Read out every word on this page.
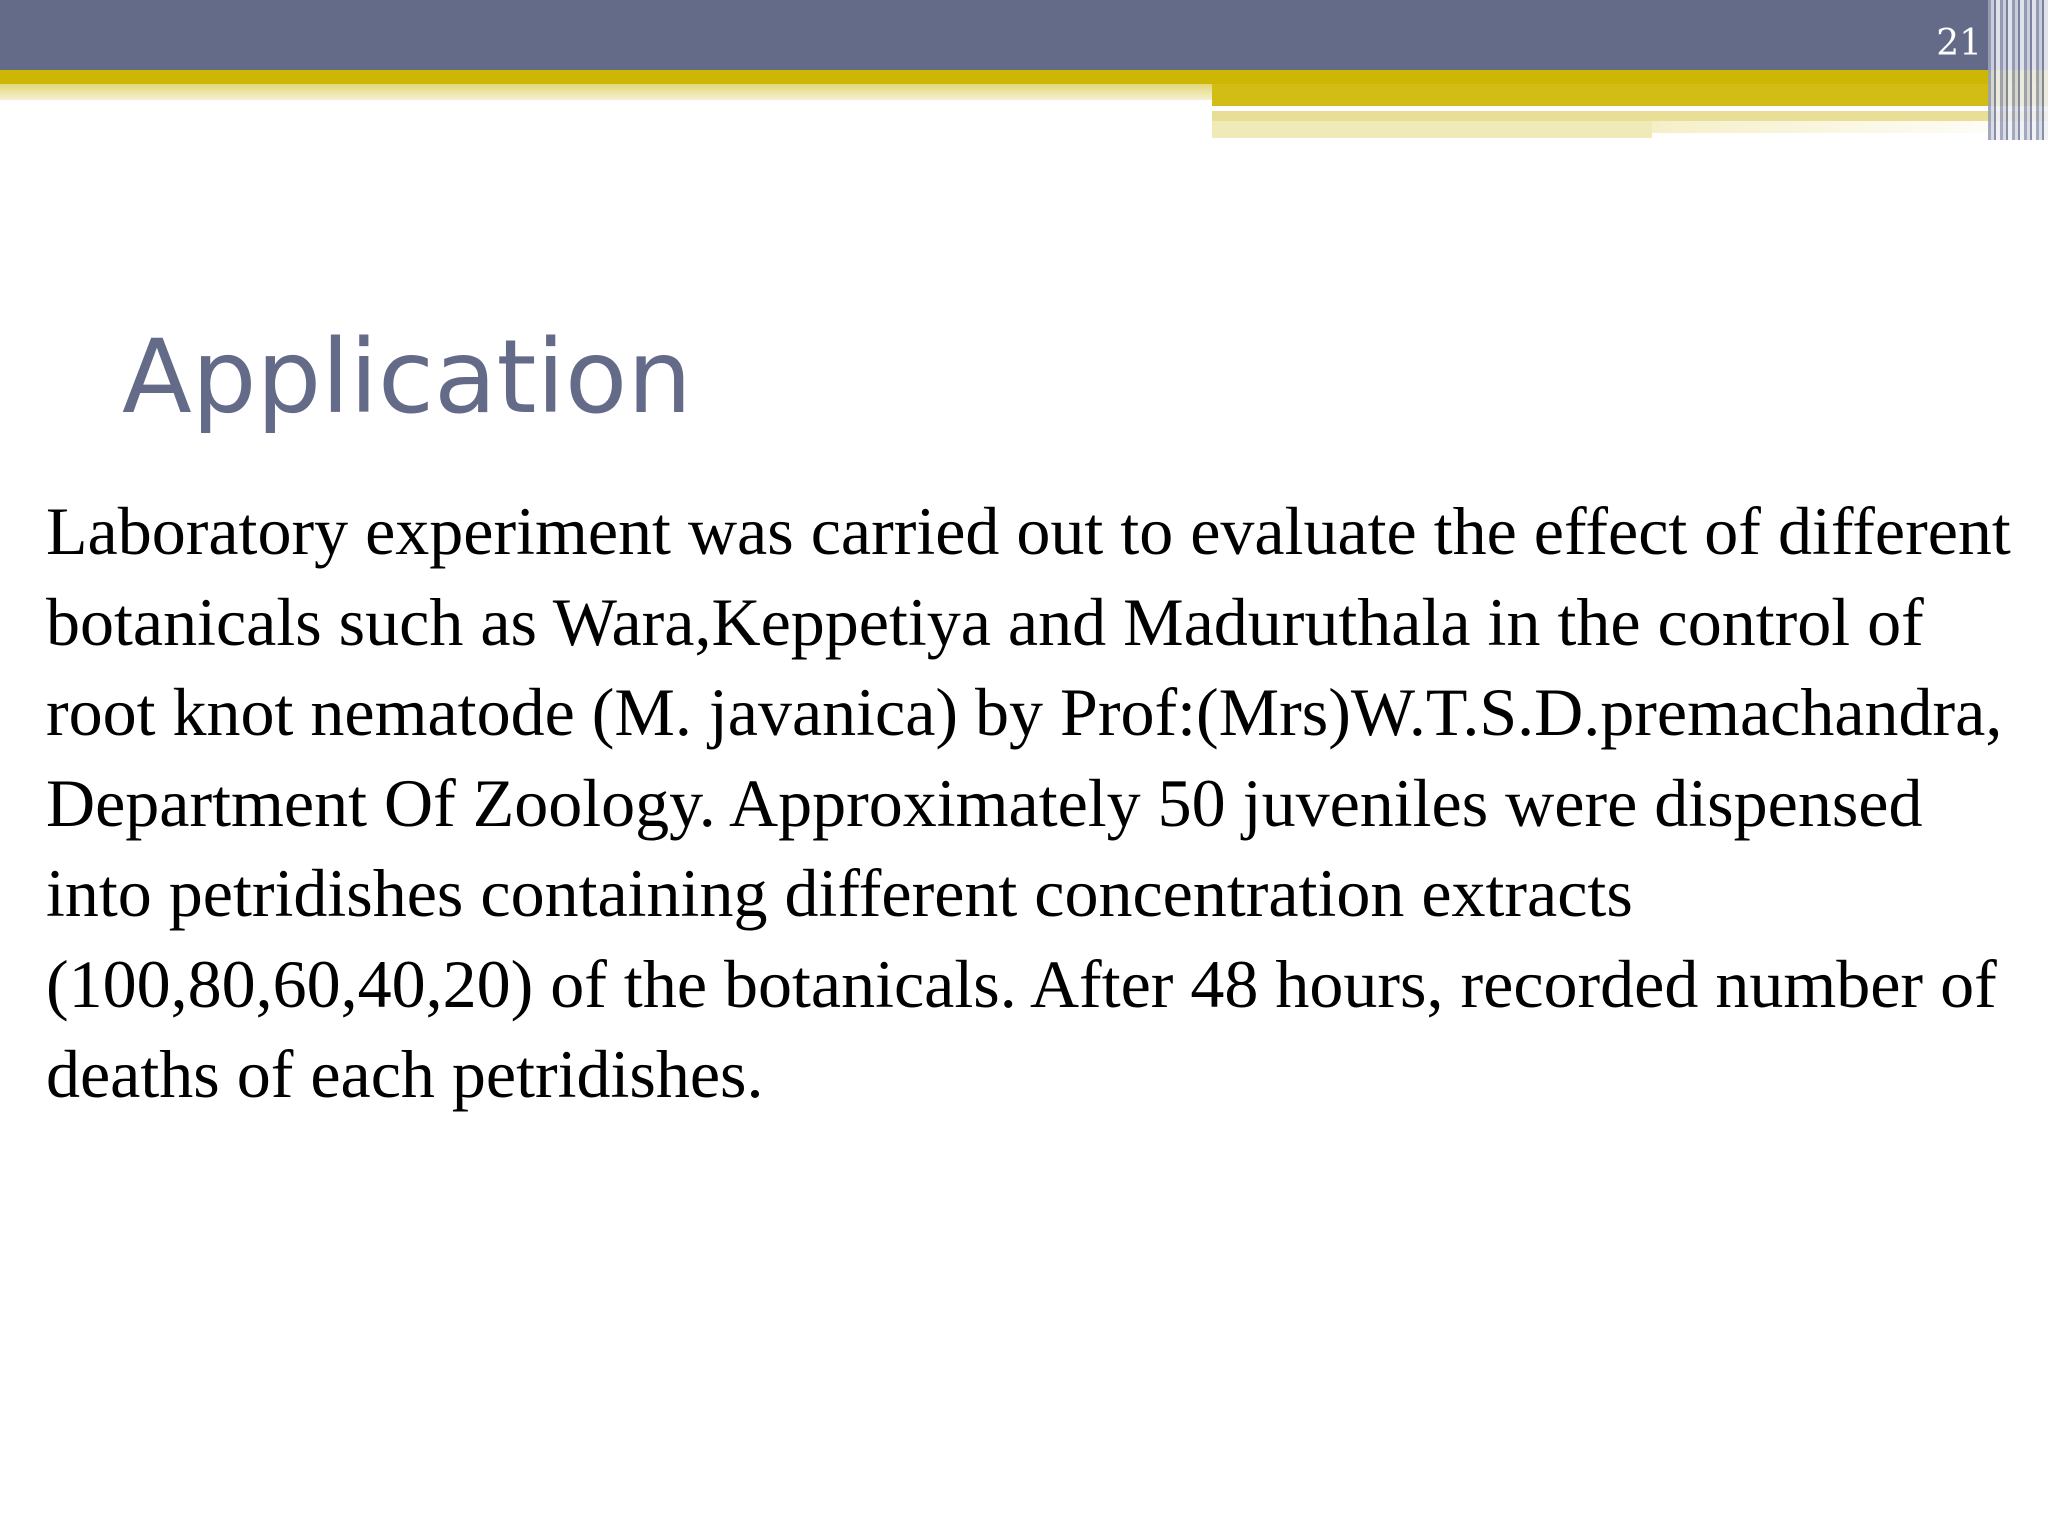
21
Application

Laboratory experiment was carried out to evaluate the effect of different botanicals such as Wara,Keppetiya and Maduruthala in the control of root knot nematode (M. javanica) by Prof:(Mrs)W.T.S.D.premachandra, Department Of Zoology. Approximately 50 juveniles were dispensed into petridishes containing different concentration extracts (100,80,60,40,20) of the botanicals. After 48 hours, recorded number of deaths of each petridishes.
